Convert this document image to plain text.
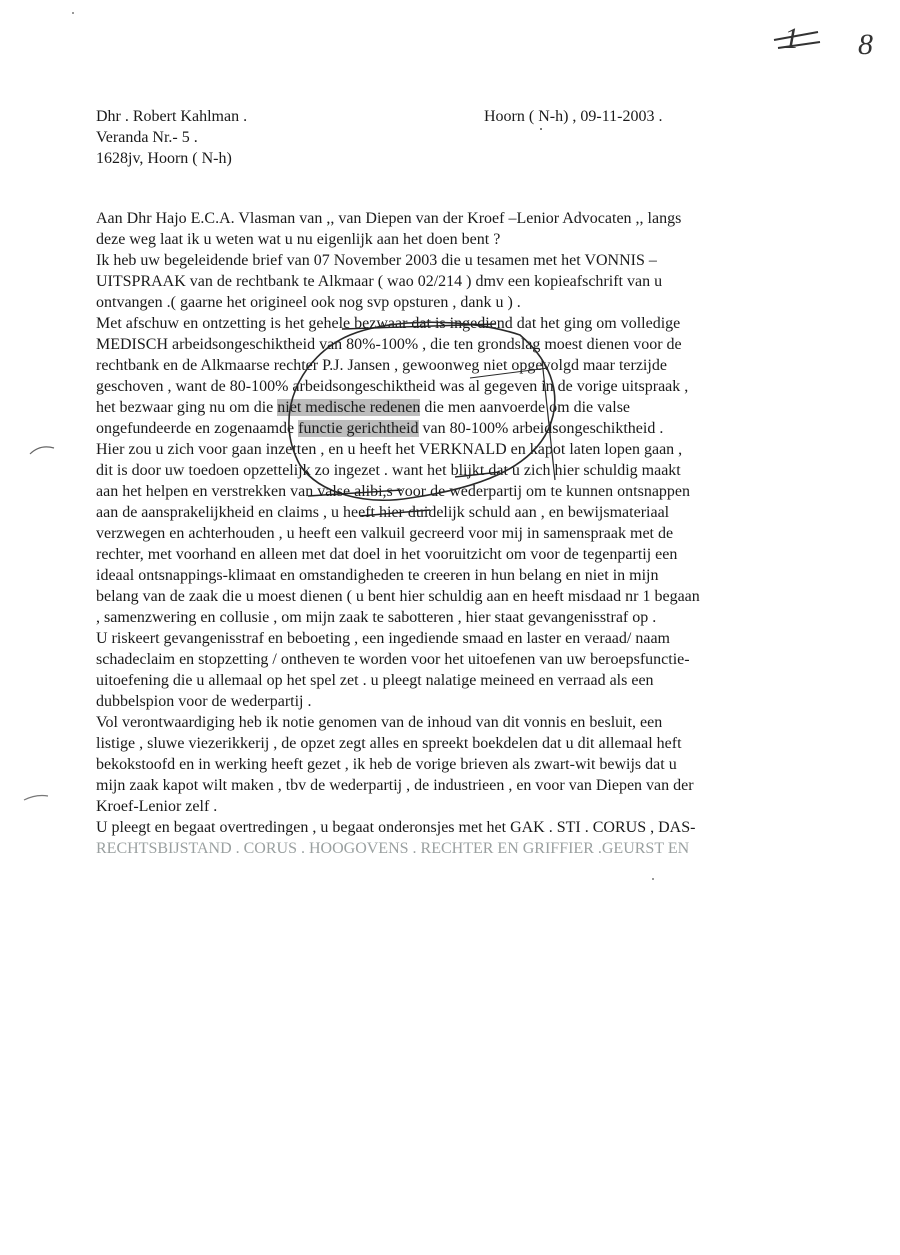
1 8
Dhr . Robert Kahlman .
Veranda Nr.- 5 .
1628jv, Hoorn ( N-h)
Hoorn ( N-h) , 09-11-2003 .
Aan Dhr Hajo E.C.A. Vlasman van ,, van Diepen van der Kroef –Lenior Advocaten ,, langs
deze weg laat ik u weten wat u nu eigenlijk aan het doen bent ?
Ik heb uw begeleidende brief van 07 November 2003 die u tesamen met het VONNIS –
UITSPRAAK van de rechtbank te Alkmaar ( wao 02/214 ) dmv een kopieafschrift van u
ontvangen .( gaarne het origineel ook nog svp opsturen , dank u ) .
Met afschuw en ontzetting is het gehele bezwaar dat is ingediend dat het ging om volledige
MEDISCH arbeidsongeschiktheid van 80%-100% , die ten grondslag moest dienen voor de
rechtbank en de Alkmaarse rechter P.J. Jansen , gewoonweg niet opgevolgd maar terzijde
geschoven , want de 80-100% arbeidsongeschiktheid was al gegeven in de vorige uitspraak ,
het bezwaar ging nu om die niet medische redenen die men aanvoerde om die valse
ongefundeerde en zogenaamde functie gerichtheid van 80-100% arbeidsongeschiktheid .
Hier zou u zich voor gaan inzetten , en u heeft het VERKNALD en kapot laten lopen gaan ,
dit is door uw toedoen opzettelijk zo ingezet . want het blijkt dat u zich hier schuldig maakt
aan het helpen en verstrekken van valse alibi,s voor de wederpartij om te kunnen ontsnappen
aan de aansprakelijkheid en claims , u heeft hier duidelijk schuld aan , en bewijsmateriaal
verzwegen en achterhouden , u heeft een valkuil gecreerd voor mij in samenspraak met de
rechter, met voorhand en alleen met dat doel in het vooruitzicht om voor de tegenpartij een
ideaal ontsnappings-klimaat en omstandigheden te creeren in hun belang en niet in mijn
belang van de zaak die u moest dienen ( u bent hier schuldig aan en heeft misdaad nr 1 begaan
, samenzwering en collusie , om mijn zaak te sabotteren , hier staat gevangenisstraf op .
U riskeert gevangenisstraf en beboeting , een ingediende smaad en laster en veraad/ naam
schadeclaim en stopzetting / ontheven te worden voor het uitoefenen van uw beroepsfunctie-
uitoefening die u allemaal op het spel zet . u pleegt nalatige meineed en verraad als een
dubbelspion voor de wederpartij .
Vol verontwaardiging heb ik notie genomen van de inhoud van dit vonnis en besluit, een
listige , sluwe viezerikkerij , de opzet zegt alles en spreekt boekdelen dat u dit allemaal heft
bekokstoofd en in werking heeft gezet , ik heb de vorige brieven als zwart-wit bewijs dat u
mijn zaak kapot wilt maken , tbv de wederpartij , de industrieen , en voor van Diepen van der
Kroef-Lenior zelf .
U pleegt en begaat overtredingen , u begaat onderonsjes met het GAK . STI . CORUS , DAS-
RECHTSBIJSTAND . CORUS . HOOGOVENS . RECHTER EN GRIFFIER .GEURST EN
